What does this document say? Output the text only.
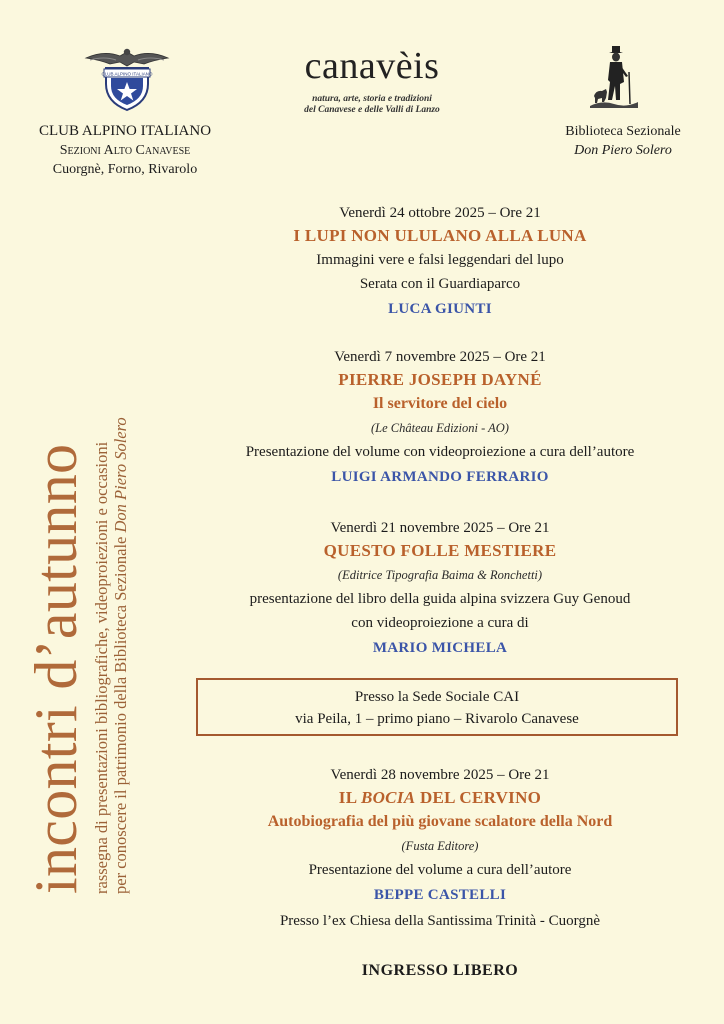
CLUB ALPINO ITALIANO
CLUB ALPINO ITALIANO
Sezioni Alto Canavese
Cuorgnè, Forno, Rivarolo
canavèis
natura, arte, storia e tradizioni
del Canavese e delle Valli di Lanzo
Biblioteca Sezionale
Don Piero Solero
incontri d’autunno rassegna di presentazioni bibliografiche, videoproiezioni e occasioni per conoscere il patrimonio della Biblioteca Sezionale Don Piero Solero
Venerdì 24 ottobre 2025 – Ore 21
I LUPI NON ULULANO ALLA LUNA
Immagini vere e falsi leggendari del lupo
Serata con il Guardiaparco
LUCA GIUNTI
Venerdì 7 novembre 2025 – Ore 21
PIERRE JOSEPH DAYNÉ
Il servitore del cielo
(Le Château Edizioni - AO)
Presentazione del volume con videoproiezione a cura dell’autore
LUIGI ARMANDO FERRARIO
Venerdì 21 novembre 2025 – Ore 21
QUESTO FOLLE MESTIERE
(Editrice Tipografia Baima & Ronchetti)
presentazione del libro della guida alpina svizzera Guy Genoud
con videoproiezione a cura di
MARIO MICHELA
Presso la Sede Sociale CAI
via Peila, 1 – primo piano – Rivarolo Canavese
Venerdì 28 novembre 2025 – Ore 21
IL BOCIA DEL CERVINO
Autobiografia del più giovane scalatore della Nord
(Fusta Editore)
Presentazione del volume a cura dell’autore
BEPPE CASTELLI
Presso l’ex Chiesa della Santissima Trinità - Cuorgnè
INGRESSO LIBERO
